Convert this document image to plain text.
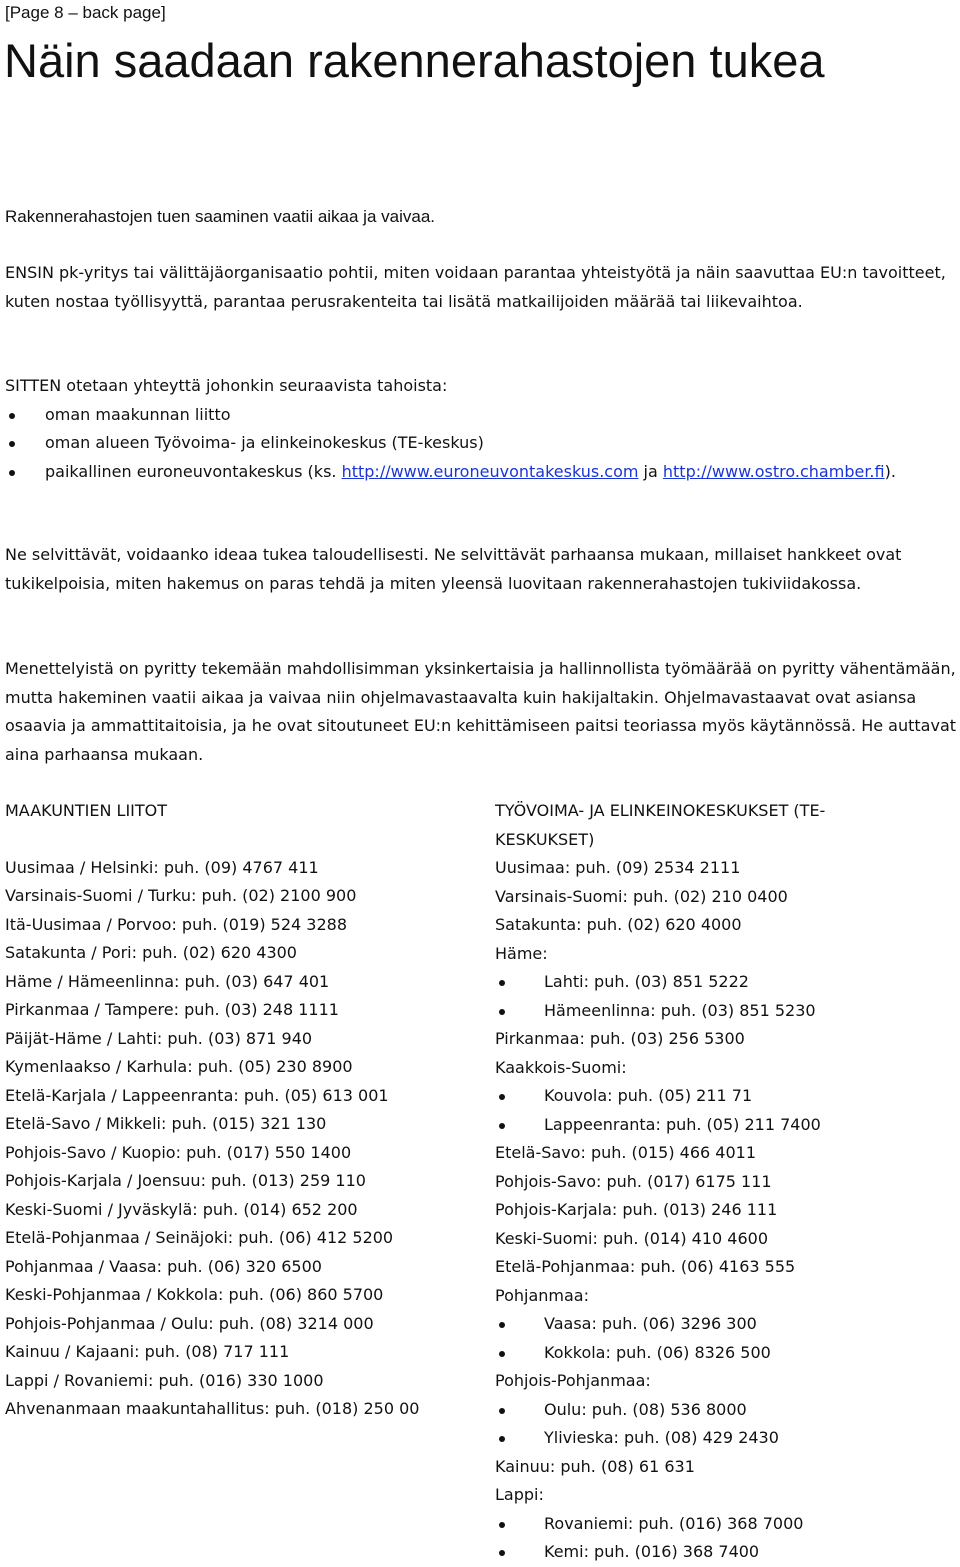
[Page 8 – back page]
Näin saadaan rakennerahastojen tukea
Rakennerahastojen tuen saaminen vaatii aikaa ja vaivaa.

ENSIN pk-yritys tai välittäjäorganisaatio pohtii, miten voidaan parantaa yhteistyötä ja näin saavuttaa EU:n tavoitteet, kuten nostaa työllisyyttä, parantaa perusrakenteita tai lisätä matkailijoiden määrää tai liikevaihtoa.

SITTEN otetaan yhteyttä johonkin seuraavista tahoista:
oman maakunnan liitto
oman alueen Työvoima- ja elinkeinokeskus (TE-keskus)
paikallinen euroneuvontakeskus (ks. http://www.euroneuvontakeskus.com ja http://www.ostro.chamber.fi).

Ne selvittävät, voidaanko ideaa tukea taloudellisesti. Ne selvittävät parhaansa mukaan, millaiset hankkeet ovat tukikelpoisia, miten hakemus on paras tehdä ja miten yleensä luovitaan rakennerahastojen tukiviidakossa.

Menettelyistä on pyritty tekemään mahdollisimman yksinkertaisia ja hallinnollista työmäärää on pyritty vähentämään, mutta hakeminen vaatii aikaa ja vaivaa niin ohjelmavastaavalta kuin hakijaltakin. Ohjelmavastaavat ovat asiansa osaavia ja ammattitaitoisia, ja he ovat sitoutuneet EU:n kehittämiseen paitsi teoriassa myös käytännössä. He auttavat aina parhaansa mukaan.

MAAKUNTIEN LIITOT
Uusimaa / Helsinki: puh. (09) 4767 411
Varsinais-Suomi / Turku: puh. (02) 2100 900
Itä-Uusimaa / Porvoo: puh. (019) 524 3288
Satakunta / Pori: puh. (02) 620 4300
Häme / Hämeenlinna: puh. (03) 647 401
Pirkanmaa / Tampere: puh. (03) 248 1111
Päijät-Häme / Lahti: puh. (03) 871 940
Kymenlaakso / Karhula: puh. (05) 230 8900
Etelä-Karjala / Lappeenranta: puh. (05) 613 001
Etelä-Savo / Mikkeli: puh. (015) 321 130
Pohjois-Savo / Kuopio: puh. (017) 550 1400
Pohjois-Karjala / Joensuu: puh. (013) 259 110
Keski-Suomi / Jyväskylä: puh. (014) 652 200
Etelä-Pohjanmaa / Seinäjoki: puh. (06) 412 5200
Pohjanmaa / Vaasa: puh. (06) 320 6500
Keski-Pohjanmaa / Kokkola: puh. (06) 860 5700
Pohjois-Pohjanmaa / Oulu: puh. (08) 3214 000
Kainuu / Kajaani: puh. (08) 717 111
Lappi / Rovaniemi: puh. (016) 330 1000
Ahvenanmaan maakuntahallitus: puh. (018) 250 00
TYÖVOIMA- JA ELINKEINOKESKUKSET (TE-KESKUKSET)
Uusimaa: puh. (09) 2534 2111
Varsinais-Suomi: puh. (02) 210 0400
Satakunta: puh. (02) 620 4000
Häme:
Lahti: puh. (03) 851 5222
Hämeenlinna: puh. (03) 851 5230
Pirkanmaa: puh. (03) 256 5300
Kaakkois-Suomi:
Kouvola: puh. (05) 211 71
Lappeenranta: puh. (05) 211 7400
Etelä-Savo: puh. (015) 466 4011
Pohjois-Savo: puh. (017) 6175 111
Pohjois-Karjala: puh. (013) 246 111
Keski-Suomi: puh. (014) 410 4600
Etelä-Pohjanmaa: puh. (06) 4163 555
Pohjanmaa:
Vaasa: puh. (06) 3296 300
Kokkola: puh. (06) 8326 500
Pohjois-Pohjanmaa:
Oulu: puh. (08) 536 8000
Ylivieska: puh. (08) 429 2430
Kainuu: puh. (08) 61 631
Lappi:
Rovaniemi: puh. (016) 368 7000
Kemi: puh. (016) 368 7400
